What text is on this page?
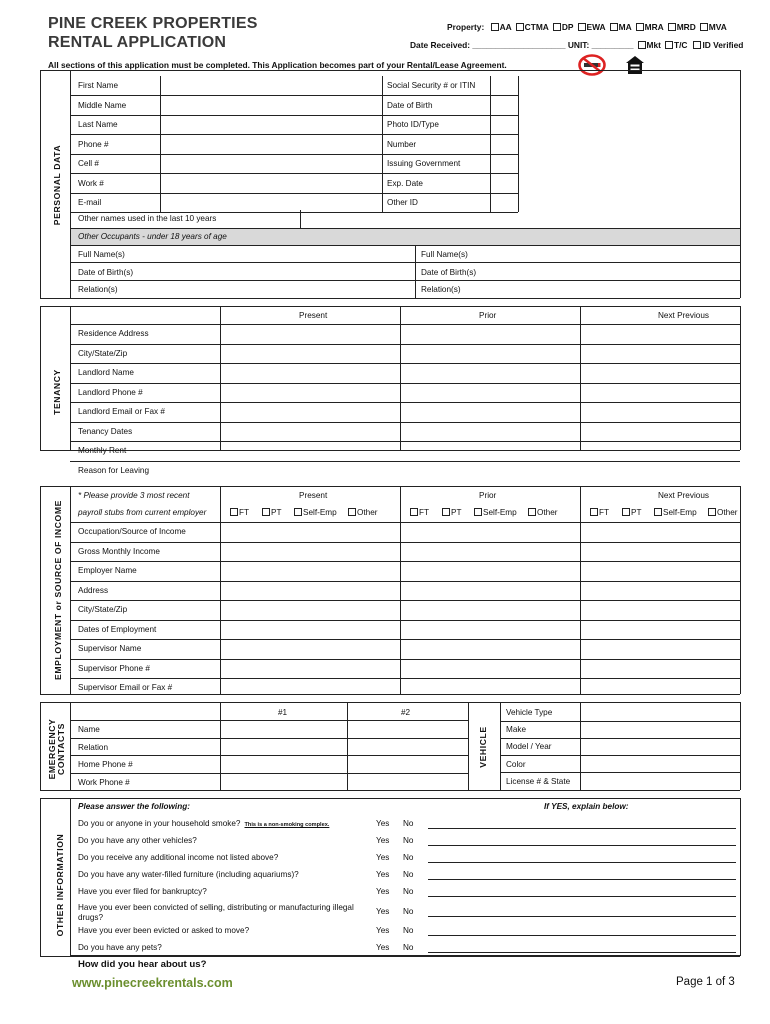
PINE CREEK PROPERTIES
RENTAL APPLICATION
Property: AA CTMA DP EWA MA MRA MRD MVA
Date Received: ____________________ UNIT: _________ Mkt T/C ID Verified
All sections of this application must be completed. This Application becomes part of your Rental/Lease Agreement.
PERSONAL DATA
First Name	Social Security # or ITIN
Middle Name	Date of Birth
Last Name	Photo ID/Type
Phone #	Number
Cell #	Issuing Government
Work #	Exp. Date
E-mail	Other ID
Other names used in the last 10 years
Other Occupants - under 18 years of age
Full Name(s)	Full Name(s)
Date of Birth(s)	Date of Birth(s)
Relation(s)	Relation(s)
TENANCY
Present	Prior	Next Previous
Residence Address
City/State/Zip
Landlord Name
Landlord Phone #
Landlord Email or Fax #
Tenancy Dates
Monthly Rent
Reason for Leaving
EMPLOYMENT or SOURCE OF INCOME
* Please provide 3 most recent
payroll stubs from current employer
Present	Prior	Next Previous
FT	PT	Self-Emp	Other	FT	PT	Self-Emp	Other	FT	PT	Self-Emp	Other
Occupation/Source of Income
Gross Monthly Income
Employer Name
Address
City/State/Zip
Dates of Employment
Supervisor Name
Supervisor Phone #
Supervisor Email or Fax #
EMERGENCY CONTACTS	VEHICLE
#1	#2
Name
Relation
Home Phone #
Work Phone #
Vehicle Type
Make
Model / Year
Color
License # & State
OTHER INFORMATION
Please answer the following:	If YES, explain below:
Do you or anyone in your household smoke? This is a non-smoking complex.	Yes No
Do you have any other vehicles?	Yes No
Do you receive any additional income not listed above?	Yes No
Do you have any water-filled furniture (including aquariums)?	Yes No
Have you ever filed for bankruptcy?	Yes No
Have you ever been convicted of selling, distributing or manufacturing illegal drugs?
Yes No
Have you ever been evicted or asked to move?	Yes No
Do you have any pets?	Yes No
How did you hear about us?
www.pinecreekrentals.com	Page 1 of 3
